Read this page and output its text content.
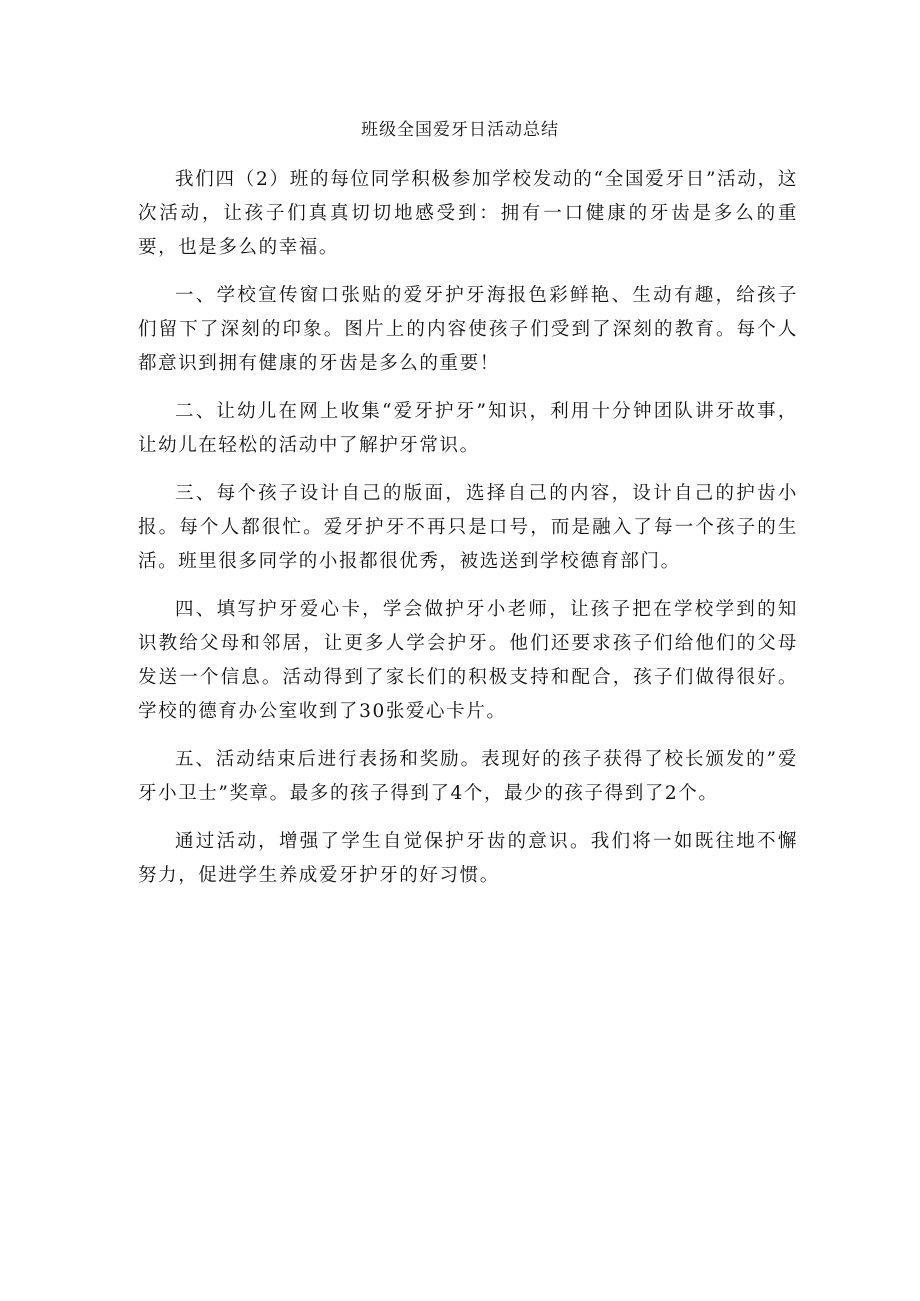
班级全国爱牙日活动总结

我们四（2）班的每位同学积极参加学校发动的“全国爱牙日”活动，这次活动，让孩子们真真切切地感受到：拥有一口健康的牙齿是多么的重要，也是多么的幸福。

一、学校宣传窗口张贴的爱牙护牙海报色彩鲜艳、生动有趣，给孩子们留下了深刻的印象。图片上的内容使孩子们受到了深刻的教育。每个人都意识到拥有健康的牙齿是多么的重要！

二、让幼儿在网上收集“爱牙护牙”知识，利用十分钟团队讲牙故事，让幼儿在轻松的活动中了解护牙常识。

三、每个孩子设计自己的版面，选择自己的内容，设计自己的护齿小报。每个人都很忙。爱牙护牙不再只是口号，而是融入了每一个孩子的生活。班里很多同学的小报都很优秀，被选送到学校德育部门。

四、填写护牙爱心卡，学会做护牙小老师，让孩子把在学校学到的知识教给父母和邻居，让更多人学会护牙。他们还要求孩子们给他们的父母发送一个信息。活动得到了家长们的积极支持和配合，孩子们做得很好。学校的德育办公室收到了30张爱心卡片。

五、活动结束后进行表扬和奖励。表现好的孩子获得了校长颁发的”爱牙小卫士”奖章。最多的孩子得到了4个，最少的孩子得到了2个。

通过活动，增强了学生自觉保护牙齿的意识。我们将一如既往地不懈努力，促进学生养成爱牙护牙的好习惯。
